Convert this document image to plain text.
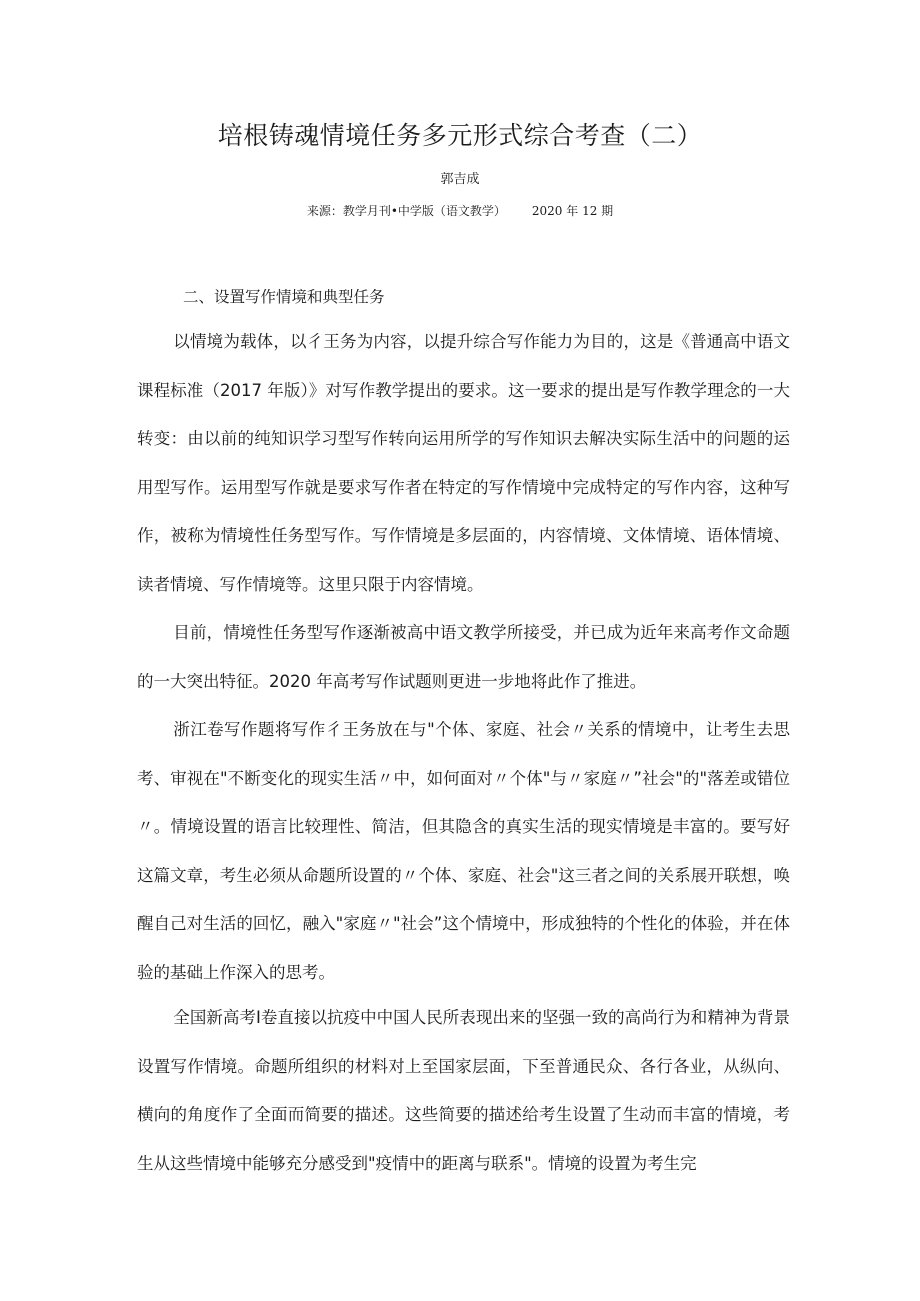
培根铸魂情境任务多元形式综合考查（二）
郭吉成
来源：教学月刊•中学版（语文教学） 2020 年 12 期
二、设置写作情境和典型任务

以情境为载体，以彳王务为内容，以提升综合写作能力为目的，这是《普通高中语文课程标准（2017 年版）》对写作教学提出的要求。这一要求的提出是写作教学理念的一大转变：由以前的纯知识学习型写作转向运用所学的写作知识去解决实际生活中的问题的运用型写作。运用型写作就是要求写作者在特定的写作情境中完成特定的写作内容，这种写作，被称为情境性任务型写作。写作情境是多层面的，内容情境、文体情境、语体情境、读者情境、写作情境等。这里只限于内容情境。

目前，情境性任务型写作逐渐被高中语文教学所接受，并已成为近年来高考作文命题的一大突出特征。2020 年高考写作试题则更进一步地将此作了推进。

浙江卷写作题将写作彳王务放在与"个体、家庭、社会〃关系的情境中，让考生去思考、审视在"不断变化的现实生活〃中，如何面对〃个体"与〃家庭〃”社会"的"落差或错位〃。情境设置的语言比较理性、简洁，但其隐含的真实生活的现实情境是丰富的。要写好这篇文章，考生必须从命题所设置的〃个体、家庭、社会"这三者之间的关系展开联想，唤醒自己对生活的回忆，融入"家庭〃"社会”这个情境中，形成独特的个性化的体验，并在体验的基础上作深入的思考。

全国新高考Ⅰ卷直接以抗疫中中国人民所表现出来的坚强一致的高尚行为和精神为背景设置写作情境。命题所组织的材料对上至国家层面，下至普通民众、各行各业，从纵向、横向的角度作了全面而简要的描述。这些简要的描述给考生设置了生动而丰富的情境，考生从这些情境中能够充分感受到"疫情中的距离与联系"。情境的设置为考生完
